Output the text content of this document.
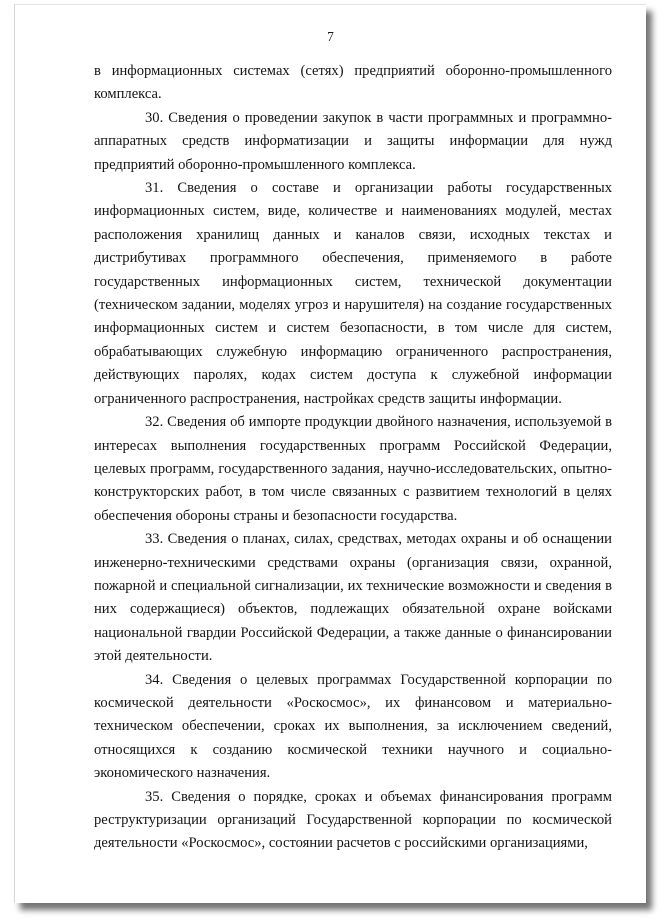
7

в информационных системах (сетях) предприятий оборонно-промышленного комплекса.

30. Сведения о проведении закупок в части программных и программно-аппаратных средств информатизации и защиты информации для нужд предприятий оборонно-промышленного комплекса.

31. Сведения о составе и организации работы государственных информационных систем, виде, количестве и наименованиях модулей, местах расположения хранилищ данных и каналов связи, исходных текстах и дистрибутивах программного обеспечения, применяемого в работе государственных информационных систем, технической документации (техническом задании, моделях угроз и нарушителя) на создание государственных информационных систем и систем безопасности, в том числе для систем, обрабатывающих служебную информацию ограниченного распространения, действующих паролях, кодах систем доступа к служебной информации ограниченного распространения, настройках средств защиты информации.

32. Сведения об импорте продукции двойного назначения, используемой в интересах выполнения государственных программ Российской Федерации, целевых программ, государственного задания, научно-исследовательских, опытно-конструкторских работ, в том числе связанных с развитием технологий в целях обеспечения обороны страны и безопасности государства.

33. Сведения о планах, силах, средствах, методах охраны и об оснащении инженерно-техническими средствами охраны (организация связи, охранной, пожарной и специальной сигнализации, их технические возможности и сведения в них содержащиеся) объектов, подлежащих обязательной охране войсками национальной гвардии Российской Федерации, а также данные о финансировании этой деятельности.

34. Сведения о целевых программах Государственной корпорации по космической деятельности «Роскосмос», их финансовом и материально-техническом обеспечении, сроках их выполнения, за исключением сведений, относящихся к созданию космической техники научного и социально-экономического назначения.

35. Сведения о порядке, сроках и объемах финансирования программ реструктуризации организаций Государственной корпорации по космической деятельности «Роскосмос», состоянии расчетов с российскими организациями,
